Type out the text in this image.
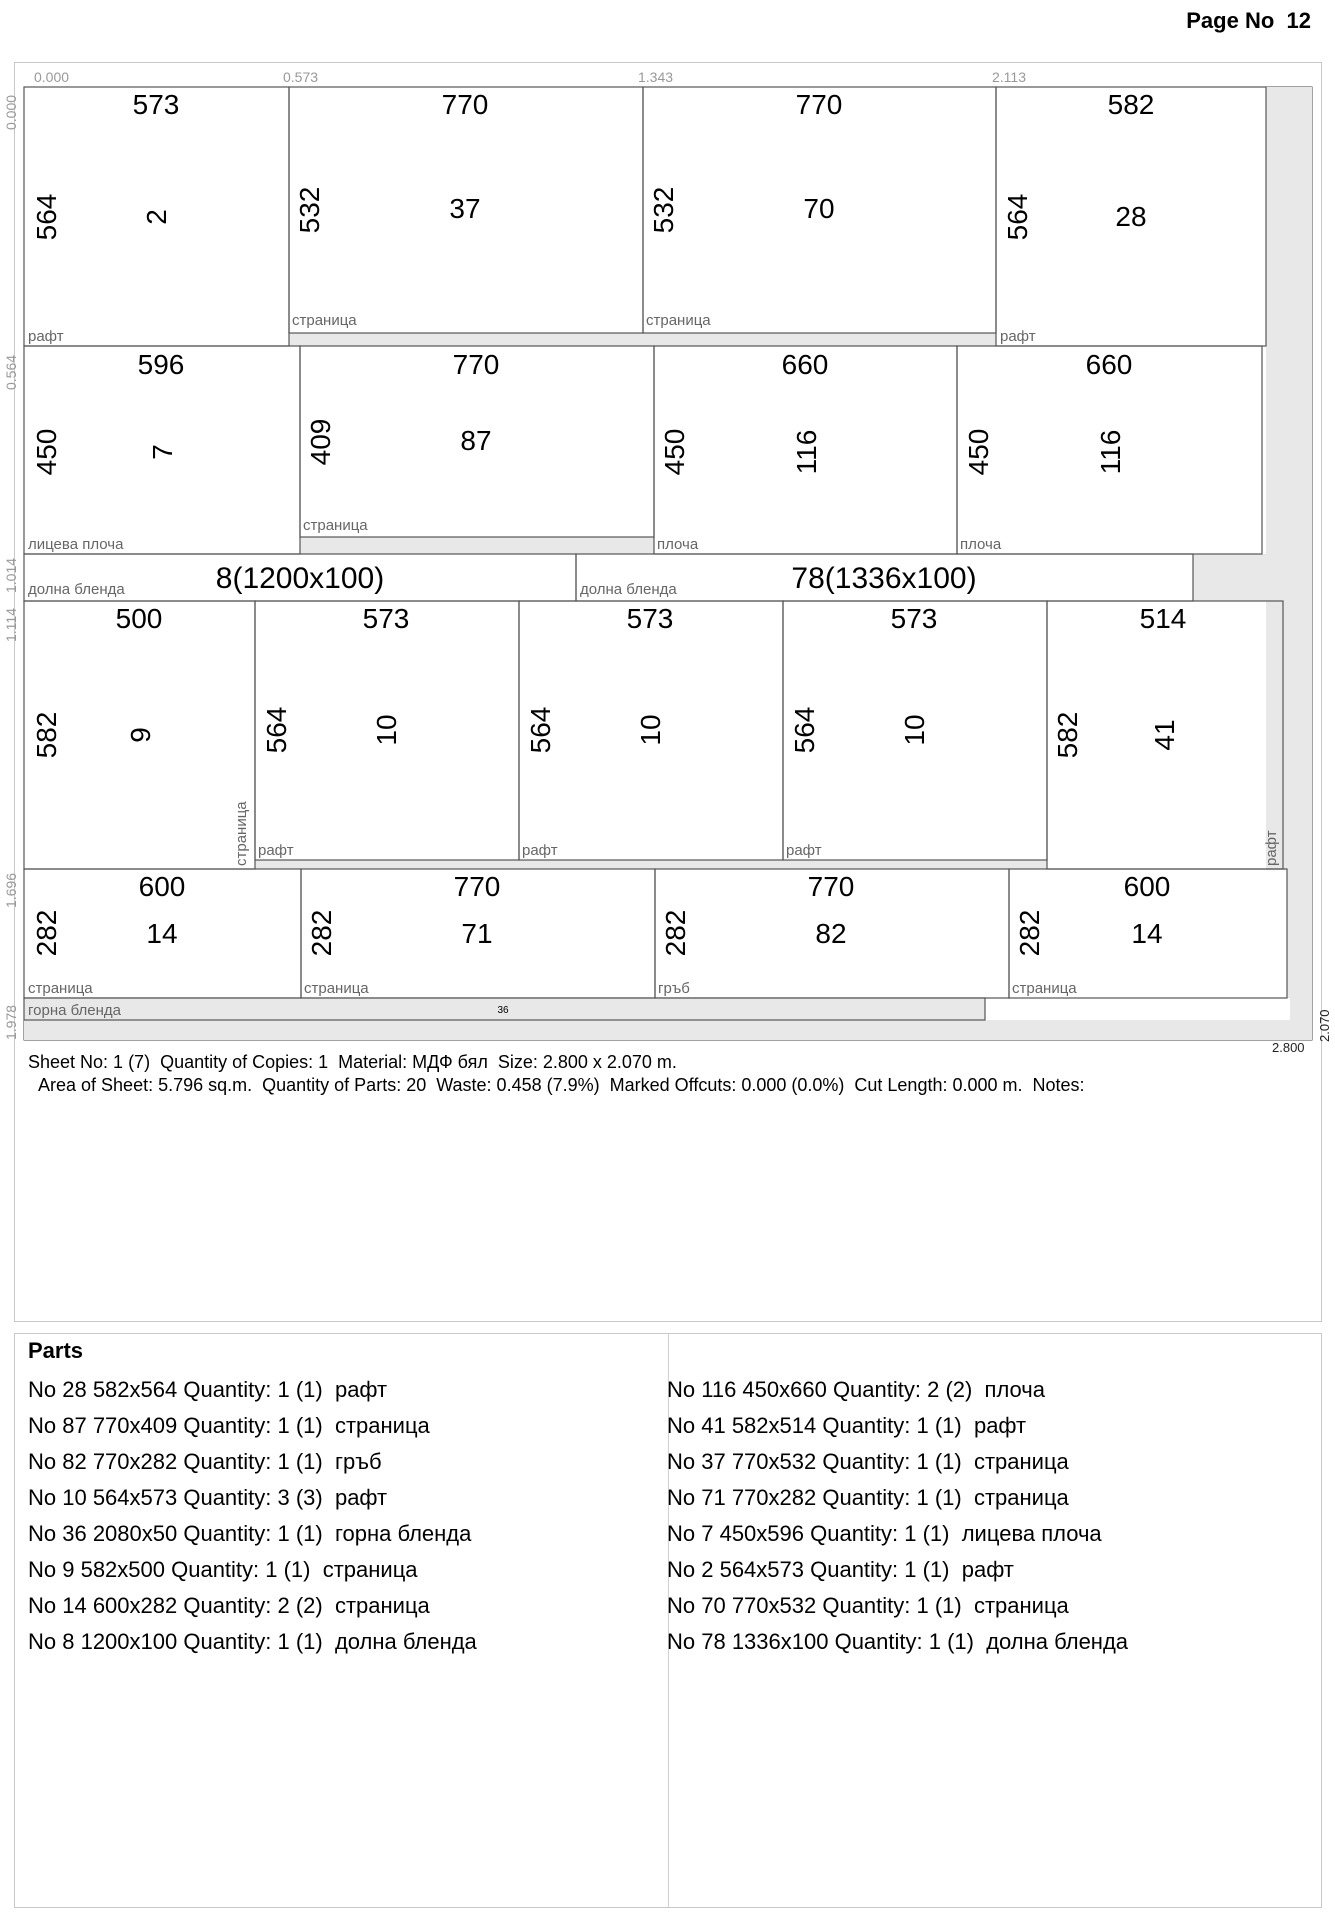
Page No 12
0.000	0.573	1.343	2.113
0.000
0.564
1.114
1.014
1.696
1.978
2.800
2.070
573
564	2
770
532	37
770
532	70
582
564	28
596
450	7
770
409	87
660
450	116
660
450	116
8(1200x100)	78(1336x100)
500
582 9
573
564	10
573
564	10
573
564	10
514
582 41
600
282	14
770
282	71
770
282	82
600
282	14
36
рафт
страница	страница
рафт
лицева плоча
страница
плоча	плоча
долна бленда	долна бленда
страница рафт	рафт	рафт	рафт
страница	страница	гръб	страница
горна бленда
Sheet No: 1 (7)  Quantity of Copies: 1  Material: МДФ бял  Size: 2.800 x 2.070 m.
Area of Sheet: 5.796 sq.m.  Quantity of Parts: 20  Waste: 0.458 (7.9%)  Marked Offcuts: 0.000 (0.0%)  Cut Length: 0.000 m.  Notes:
Parts
No 28 582x564 Quantity: 1 (1)  рафт
No 87 770x409 Quantity: 1 (1)  страница
No 82 770x282 Quantity: 1 (1)  гръб
No 10 564x573 Quantity: 3 (3)  рафт
No 36 2080x50 Quantity: 1 (1)  горна бленда
No 9 582x500 Quantity: 1 (1)  страница
No 14 600x282 Quantity: 2 (2)  страница
No 8 1200x100 Quantity: 1 (1)  долна бленда
No 116 450x660 Quantity: 2 (2)  плоча
No 41 582x514 Quantity: 1 (1)  рафт
No 37 770x532 Quantity: 1 (1)  страница
No 71 770x282 Quantity: 1 (1)  страница
No 7 450x596 Quantity: 1 (1)  лицева плоча
No 2 564x573 Quantity: 1 (1)  рафт
No 70 770x532 Quantity: 1 (1)  страница
No 78 1336x100 Quantity: 1 (1)  долна бленда
